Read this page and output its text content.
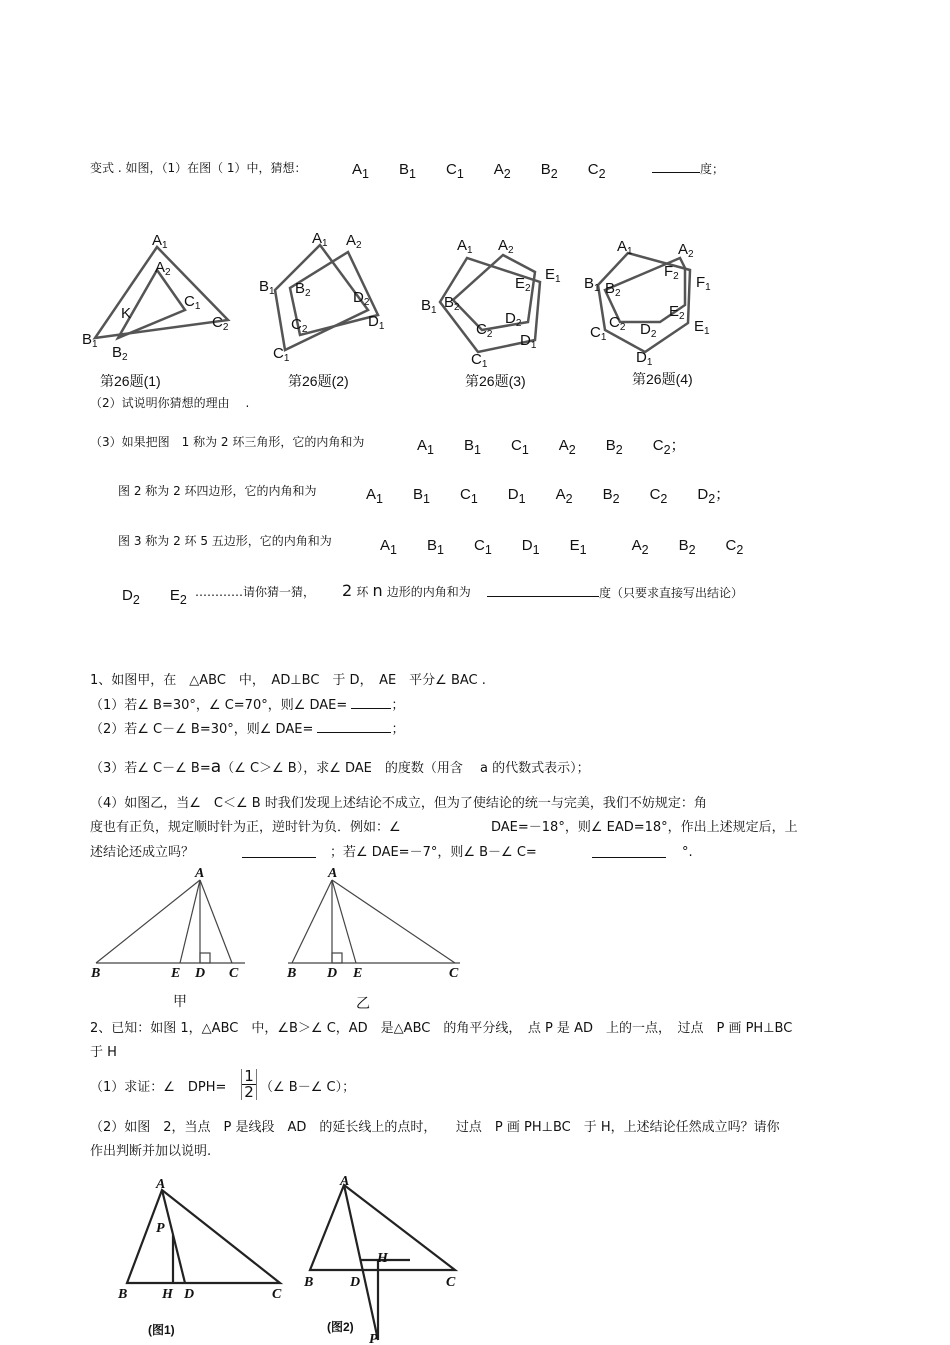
变式 . 如图，（1）在图（ 1）中，猜想：	$A_1$　　 $B_1$　　 $C_1$　　 $A_2$　　 $B_2$　　 $C_2$	度；
$A_1$
$A_2$
$C_1$
K
$C_2$
$B_1$ $B_2$
$A_1$ $A_2$
$B_1$ $B_2$	$D_2$
$D_1$
$C_2$
$C_1$
$A_1$ $A_2$
$E_1$
$E_2$
$B_1$ $B_2$
$D_2$
$C_2$ $D_1$
$C_1$
$A_1$	$A_2$
$F_2$ $F_1$
$B_1$ $B_2$
$E_2$
$C_2$ $D_2$	$E_1$
$C_1$
$D_1$
第26题(1)	第26题(2)	第26题(3)	第26题(4)
（2）试说明你猜想的理由　 .
（3）如果把图　1 称为 2 环三角形，它的内角和为	$A_1$　　 $B_1$　　 $C_1$　　 $A_2$　　 $B_2$　　 $C_2$；
图 2 称为 2 环四边形，它的内角和为	$A_1$　　 $B_1$　　 $C_1$　　 $D_1$　　 $A_2$　　 $B_2$　　 $C_2$　　 $D_2$；
图 3 称为 2 环 5 五边形，它的内角和为	$A_1$　　 $B_1$　　 $C_1$　　 $D_1$　　 $E_1$　　　	$A_2$　　 $B_2$　　 $C_2$
$D_2$　　 $E_2$
…………请你猜一猜， 2 环 n 边形的内角和为	度（只要求直接写出结论）
1、如图甲，在　△ABC　中，　AD⊥BC　于 D，　AE　平分∠ BAC .
（1）若∠ B=30°，∠ C=70°，则∠ DAE=	；
（2）若∠ C－∠ B=30°，则∠ DAE=	；
（3）若∠ C－∠ B=a（∠ C＞∠ B），求∠ DAE　的度数（用含　 a 的代数式表示）；
（4）如图乙，当∠　C＜∠ B 时我们发现上述结论不成立，但为了使结论的统一与完美，我们不妨规定：角
度也有正负，规定顺时针为正，逆时针为负．例如：∠	DAE=－18°，则∠ EAD=18°，作出上述规定后，上
述结论还成立吗？	；若∠ DAE=－7°，则∠ B－∠ C=	°.
A
B	E D C
甲
A
B D E	C
乙
A
P
B H D	C
(图1)
A
H
B	D	C
(图2)
P
2、已知：如图 1，△ABC　中，∠B＞∠ C，AD　是△ABC　的角平分线，　点 P 是 AD　上的一点，　过点　P 画 PH⊥BC
于 H
（1）求证：∠　$DPH= \frac{1}{2}$ （∠ B－∠ C）；
（2）如图　2，当点　P 是线段　AD　的延长线上的点时，　　过点　P 画 PH⊥BC　于 H，上述结论任然成立吗？请你
作出判断并加以说明.
